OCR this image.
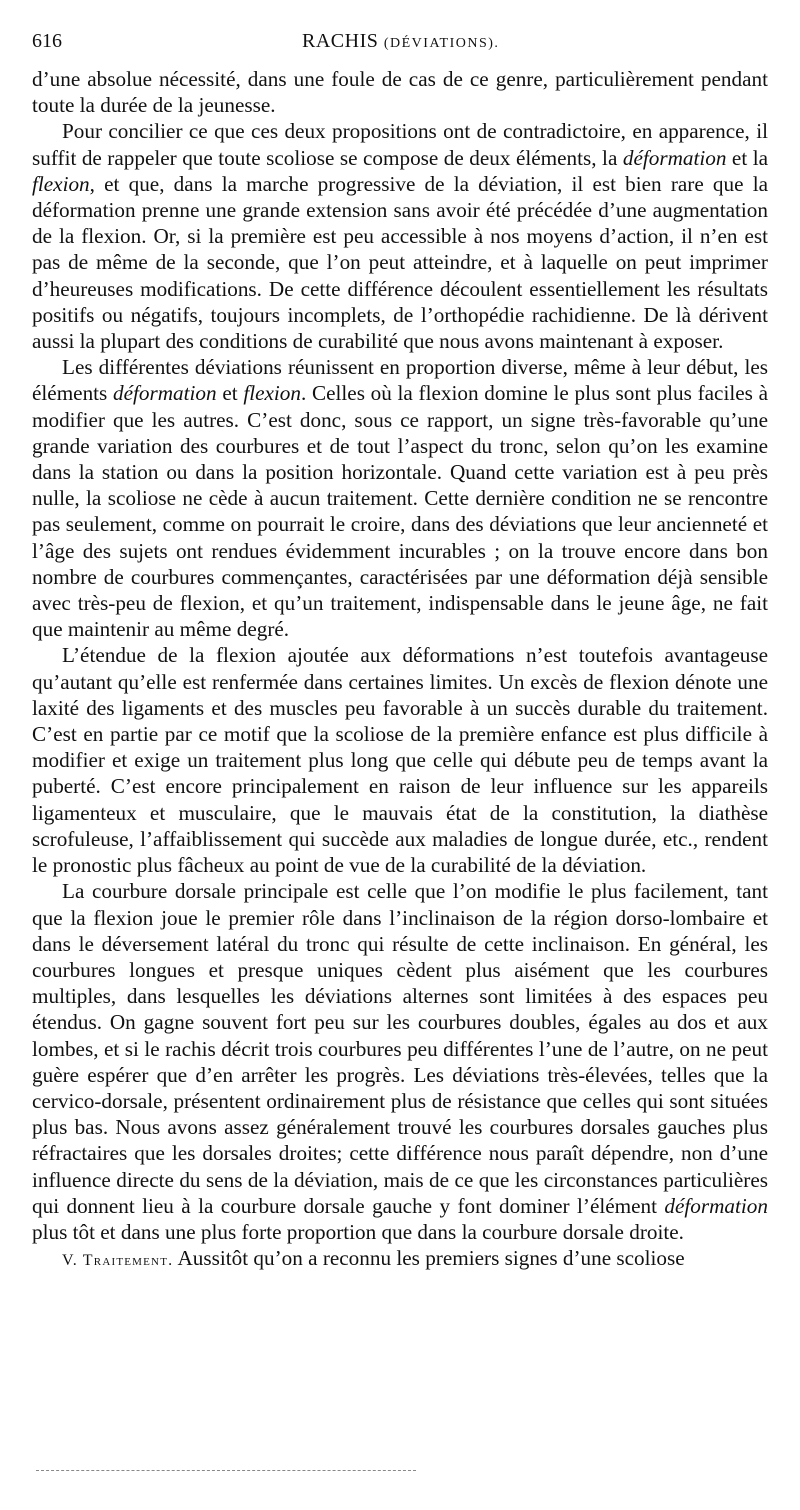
616	RACHIS (DÉVIATIONS).

d’une absolue nécessité, dans une foule de cas de ce genre, particulièrement pendant toute la durée de la jeunesse.

Pour concilier ce que ces deux propositions ont de contradictoire, en apparence, il suffit de rappeler que toute scoliose se compose de deux éléments, la déformation et la flexion, et que, dans la marche progressive de la déviation, il est bien rare que la déformation prenne une grande extension sans avoir été précédée d’une augmentation de la flexion. Or, si la première est peu accessible à nos moyens d’action, il n’en est pas de même de la seconde, que l’on peut atteindre, et à laquelle on peut imprimer d’heureuses modifications. De cette différence découlent essentiellement les résultats positifs ou négatifs, toujours incomplets, de l’orthopédie rachidienne. De là dérivent aussi la plupart des conditions de curabilité que nous avons maintenant à exposer.

Les différentes déviations réunissent en proportion diverse, même à leur début, les éléments déformation et flexion. Celles où la flexion domine le plus sont plus faciles à modifier que les autres. C’est donc, sous ce rapport, un signe très-favorable qu’une grande variation des courbures et de tout l’aspect du tronc, selon qu’on les examine dans la station ou dans la position horizontale. Quand cette variation est à peu près nulle, la scoliose ne cède à aucun traitement. Cette dernière condition ne se rencontre pas seulement, comme on pourrait le croire, dans des déviations que leur ancienneté et l’âge des sujets ont rendues évidemment incurables ; on la trouve encore dans bon nombre de courbures commençantes, caractérisées par une déformation déjà sensible avec très-peu de flexion, et qu’un traitement, indispensable dans le jeune âge, ne fait que maintenir au même degré.

L’étendue de la flexion ajoutée aux déformations n’est toutefois avantageuse qu’autant qu’elle est renfermée dans certaines limites. Un excès de flexion dénote une laxité des ligaments et des muscles peu favorable à un succès durable du traitement. C’est en partie par ce motif que la scoliose de la première enfance est plus difficile à modifier et exige un traitement plus long que celle qui débute peu de temps avant la puberté. C’est encore principalement en raison de leur influence sur les appareils ligamenteux et musculaire, que le mauvais état de la constitution, la diathèse scrofuleuse, l’affaiblissement qui succède aux maladies de longue durée, etc., rendent le pronostic plus fâcheux au point de vue de la curabilité de la déviation.

La courbure dorsale principale est celle que l’on modifie le plus facilement, tant que la flexion joue le premier rôle dans l’inclinaison de la région dorso-lombaire et dans le déversement latéral du tronc qui résulte de cette inclinaison. En général, les courbures longues et presque uniques cèdent plus aisément que les courbures multiples, dans lesquelles les déviations alternes sont limitées à des espaces peu étendus. On gagne souvent fort peu sur les courbures doubles, égales au dos et aux lombes, et si le rachis décrit trois courbures peu différentes l’une de l’autre, on ne peut guère espérer que d’en arrêter les progrès. Les déviations très-élevées, telles que la cervico-dorsale, présentent ordinairement plus de résistance que celles qui sont situées plus bas. Nous avons assez généralement trouvé les courbures dorsales gauches plus réfractaires que les dorsales droites; cette différence nous paraît dépendre, non d’une influence directe du sens de la déviation, mais de ce que les circonstances particulières qui donnent lieu à la courbure dorsale gauche y font dominer l’élément déformation plus tôt et dans une plus forte proportion que dans la courbure dorsale droite.

V. Traitement. Aussitôt qu’on a reconnu les premiers signes d’une scoliose
